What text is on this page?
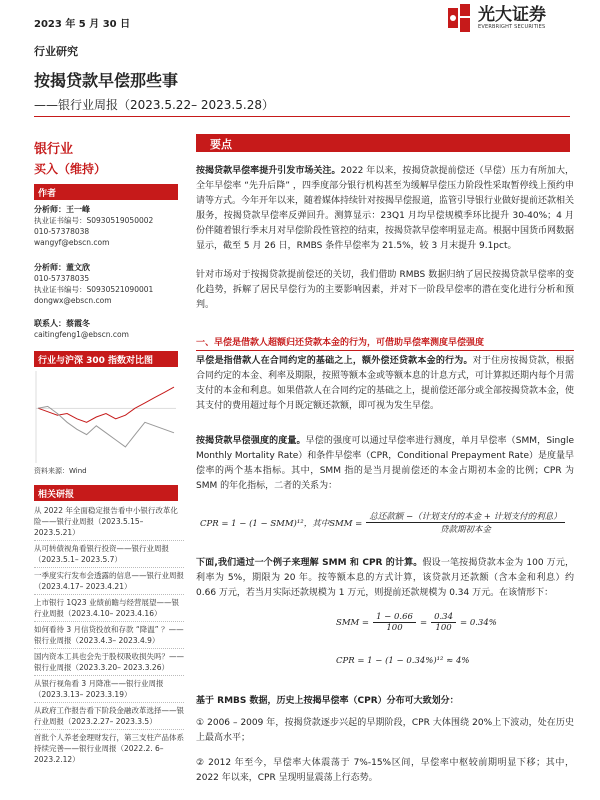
2023 年 5 月 30 日	光大证券
EVERBRIGHT SECURITIES
行业研究
按揭贷款早偿那些事
——银行业周报（2023.5.22– 2023.5.28）
银行业
买入（维持）
作者
分析师：王一峰
执业证书编号：S0930519050002
010-57378038
wangyf@ebscn.com
分析师：董文欣
010-57378035
执业证书编号：S0930521090001
dongwx@ebscn.com
联系人：蔡霞冬
caitingfeng1@ebscn.com
行业与沪深 300 指数对比图
资料来源：Wind
相关研报
从 2022 年全面稳定报告看中小银行改革化险——银行业周报（2023.5.15– 2023.5.21）
从可转债视角看银行投资——银行业周报（2023.5.1– 2023.5.7）
一季度实行发布会透露的信息——银行业周报（2023.4.17– 2023.4.21）
上市银行 1Q23 业绩前瞻与经营展望——银行业周报（2023.4.10– 2023.4.16）
如何看待 3 月信贷投放和存款 “降温” ？——银行业周报（2023.4.3– 2023.4.9）
国内资本工具也会先于股权吸收损失吗？——银行业周报（2023.3.20– 2023.3.26）
从银行视角看 3 月降准——银行业周报（2023.3.13– 2023.3.19）
从政府工作报告看下阶段金融改革选择——银行业周报（2023.2.27– 2023.3.5）
首批个人养老金理财发行，第三支柱产品体系持续完善——银行业周报（2022.2. 6– 2023.2.12）
要点

按揭贷款早偿率提升引发市场关注。2022 年以来，按揭贷款提前偿还（早偿）压力有所加大，全年早偿率 “先升后降” ，四季度部分银行机构甚至为缓解早偿压力阶段性采取暂停线上预约申请等方式。今年开年以来，随着媒体持续针对按揭早偿报道，监管引导银行业做好提前还款相关服务，按揭贷款早偿率反弹回升。测算显示：23Q1 月均早偿规模季环比提升 30-40%；4 月份伴随着银行季末月对早偿阶段性管控的结束，按揭贷款早偿率明显走高。根据中国货币网数据显示，截至 5 月 26 日，RMBS 条件早偿率为 21.5%，较 3 月末提升 9.1pct。

针对市场对于按揭贷款提前偿还的关切，我们借助 RMBS 数据归纳了居民按揭贷款早偿率的变化趋势，拆解了居民早偿行为的主要影响因素，并对下一阶段早偿率的潜在变化进行分析和预判。

一、早偿是借款人超额归还贷款本金的行为，可借助早偿率测度早偿强度

早偿是指借款人在合同约定的基础之上，额外偿还贷款本金的行为。对于住房按揭贷款，根据合同约定的本金、利率及期限，按照等额本金或等额本息的计息方式，可计算拟还期内每个月需支付的本金和利息。如果借款人在合同约定的基础之上，提前偿还部分或全部按揭贷款本金，使其支付的费用超过每个月既定额还款额，即可视为发生早偿。

按揭贷款早偿强度的度量。早偿的强度可以通过早偿率进行测度，单月早偿率（SMM，Single Monthly Mortality Rate）和条件早偿率（CPR，Conditional Prepayment Rate）是度量早偿率的两个基本指标。其中，SMM 指的是当月提前偿还的本金占期初本金的比例；CPR 为 SMM 的年化指标，二者的关系为：

CPR = 1 − (1 − SMM)¹²，其中SMM = $\frac{\text{总还款额 −（计划支付的本金 + 计划支付的利息）}}{\text{贷款期初本金}}$

下面,我们通过一个例子来理解 SMM 和 CPR 的计算。假设一笔按揭贷款本金为 100 万元，利率为 5%，期限为 20 年。按等额本息的方式计算，该贷款月还款额（含本金和利息）约 0.66 万元，若当月实际还款规模为 1 万元，则提前还款规模为 0.34 万元。在该情形下：

SMM = $\frac{1 - 0.66}{100} = \frac{0.34}{100} = 0.34\%$
CPR = 1 − (1 − 0.34%)¹² ≈ 4%

基于 RMBS 数据，历史上按揭早偿率（CPR）分布可大致划分：

① 2006 – 2009 年，按揭贷款逐步兴起的早期阶段，CPR 大体围绕 20%上下波动，处在历史上最高水平；

② 2012 年至今，早偿率大体震荡于 7%-15%区间，早偿率中枢较前期明显下移；其中，2022 年以来，CPR 呈现明显震荡上行态势。
